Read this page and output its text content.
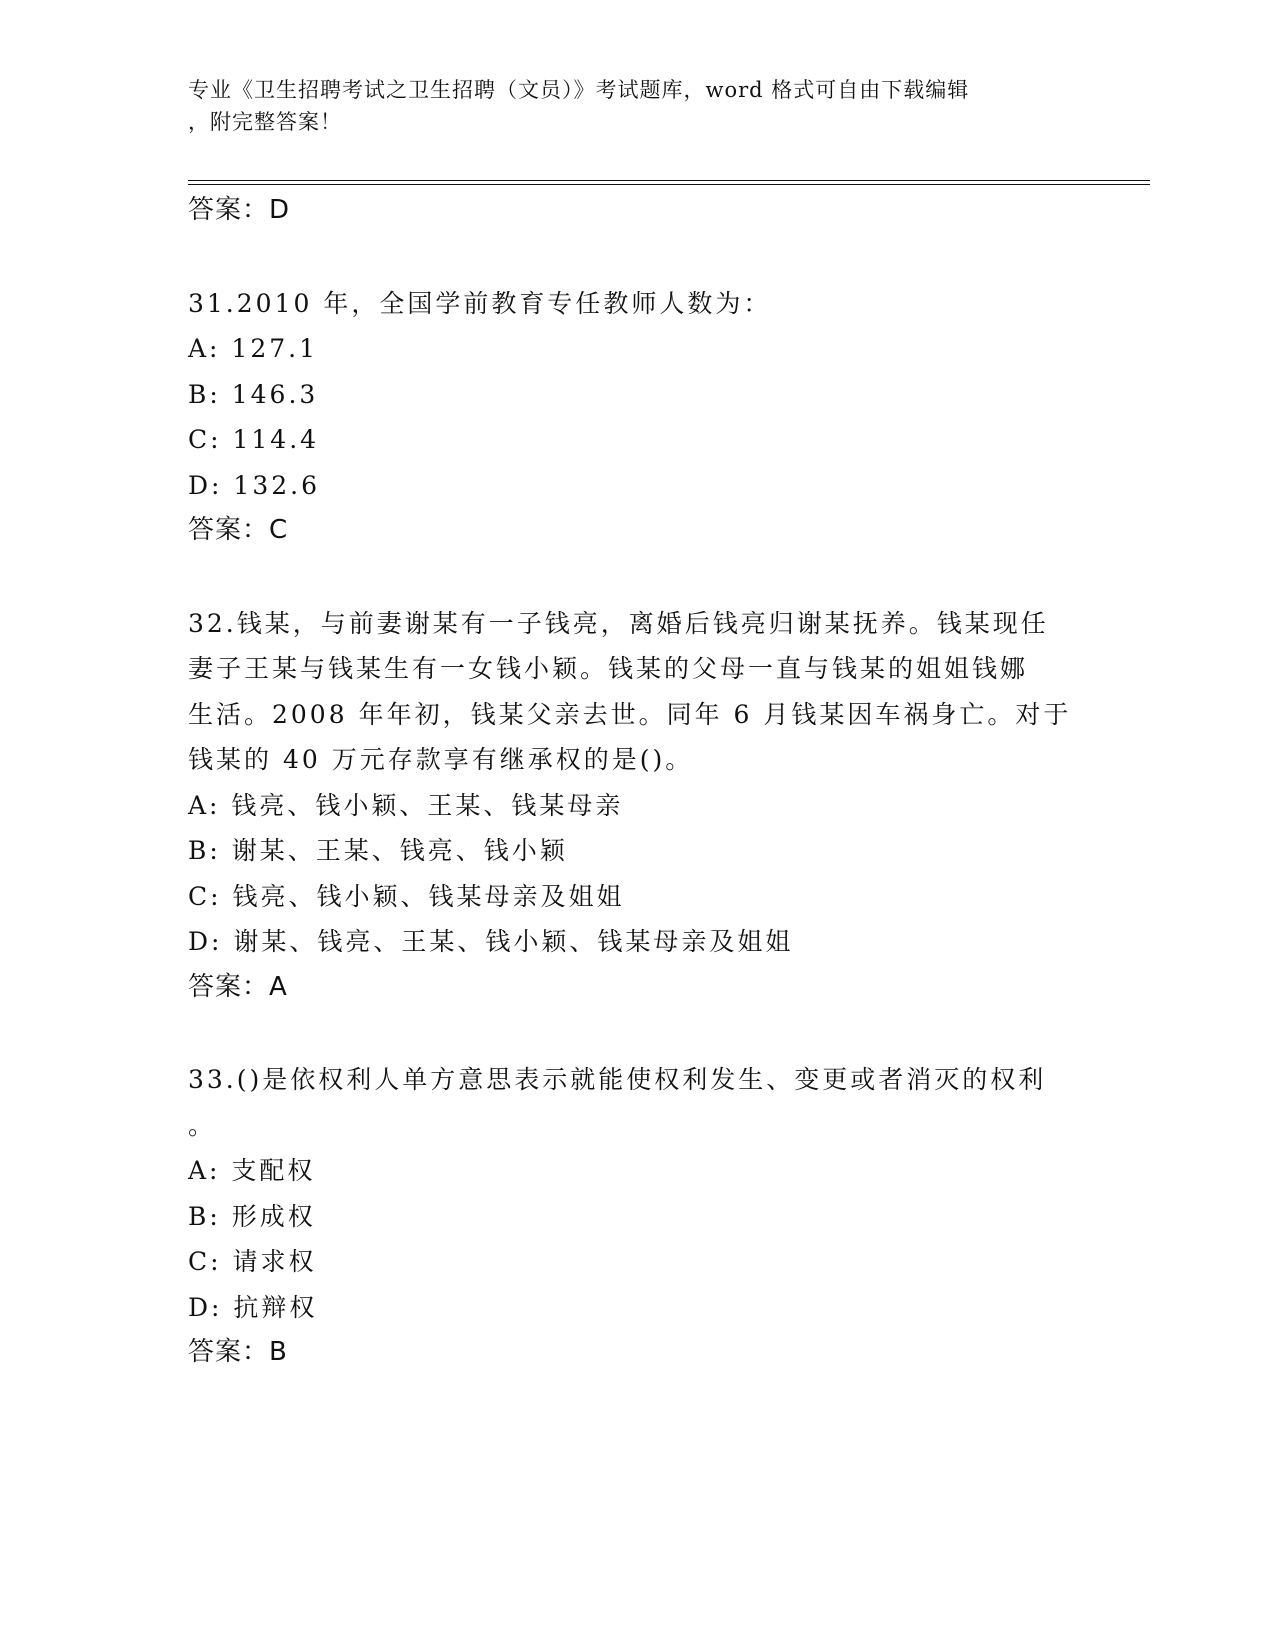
专业《卫生招聘考试之卫生招聘（文员）》考试题库，word 格式可自由下载编辑
，附完整答案！
答案：D
31.2010 年，全国学前教育专任教师人数为：
A: 127.1
B: 146.3
C: 114.4
D: 132.6
答案：C
32.钱某，与前妻谢某有一子钱亮，离婚后钱亮归谢某抚养。钱某现任
妻子王某与钱某生有一女钱小颖。钱某的父母一直与钱某的姐姐钱娜
生活。2008 年年初，钱某父亲去世。同年 6 月钱某因车祸身亡。对于
钱某的 40 万元存款享有继承权的是()。
A: 钱亮、钱小颖、王某、钱某母亲
B: 谢某、王某、钱亮、钱小颖
C: 钱亮、钱小颖、钱某母亲及姐姐
D: 谢某、钱亮、王某、钱小颖、钱某母亲及姐姐
答案：A
33.()是依权利人单方意思表示就能使权利发生、变更或者消灭的权利
。
A: 支配权
B: 形成权
C: 请求权
D: 抗辩权
答案：B
